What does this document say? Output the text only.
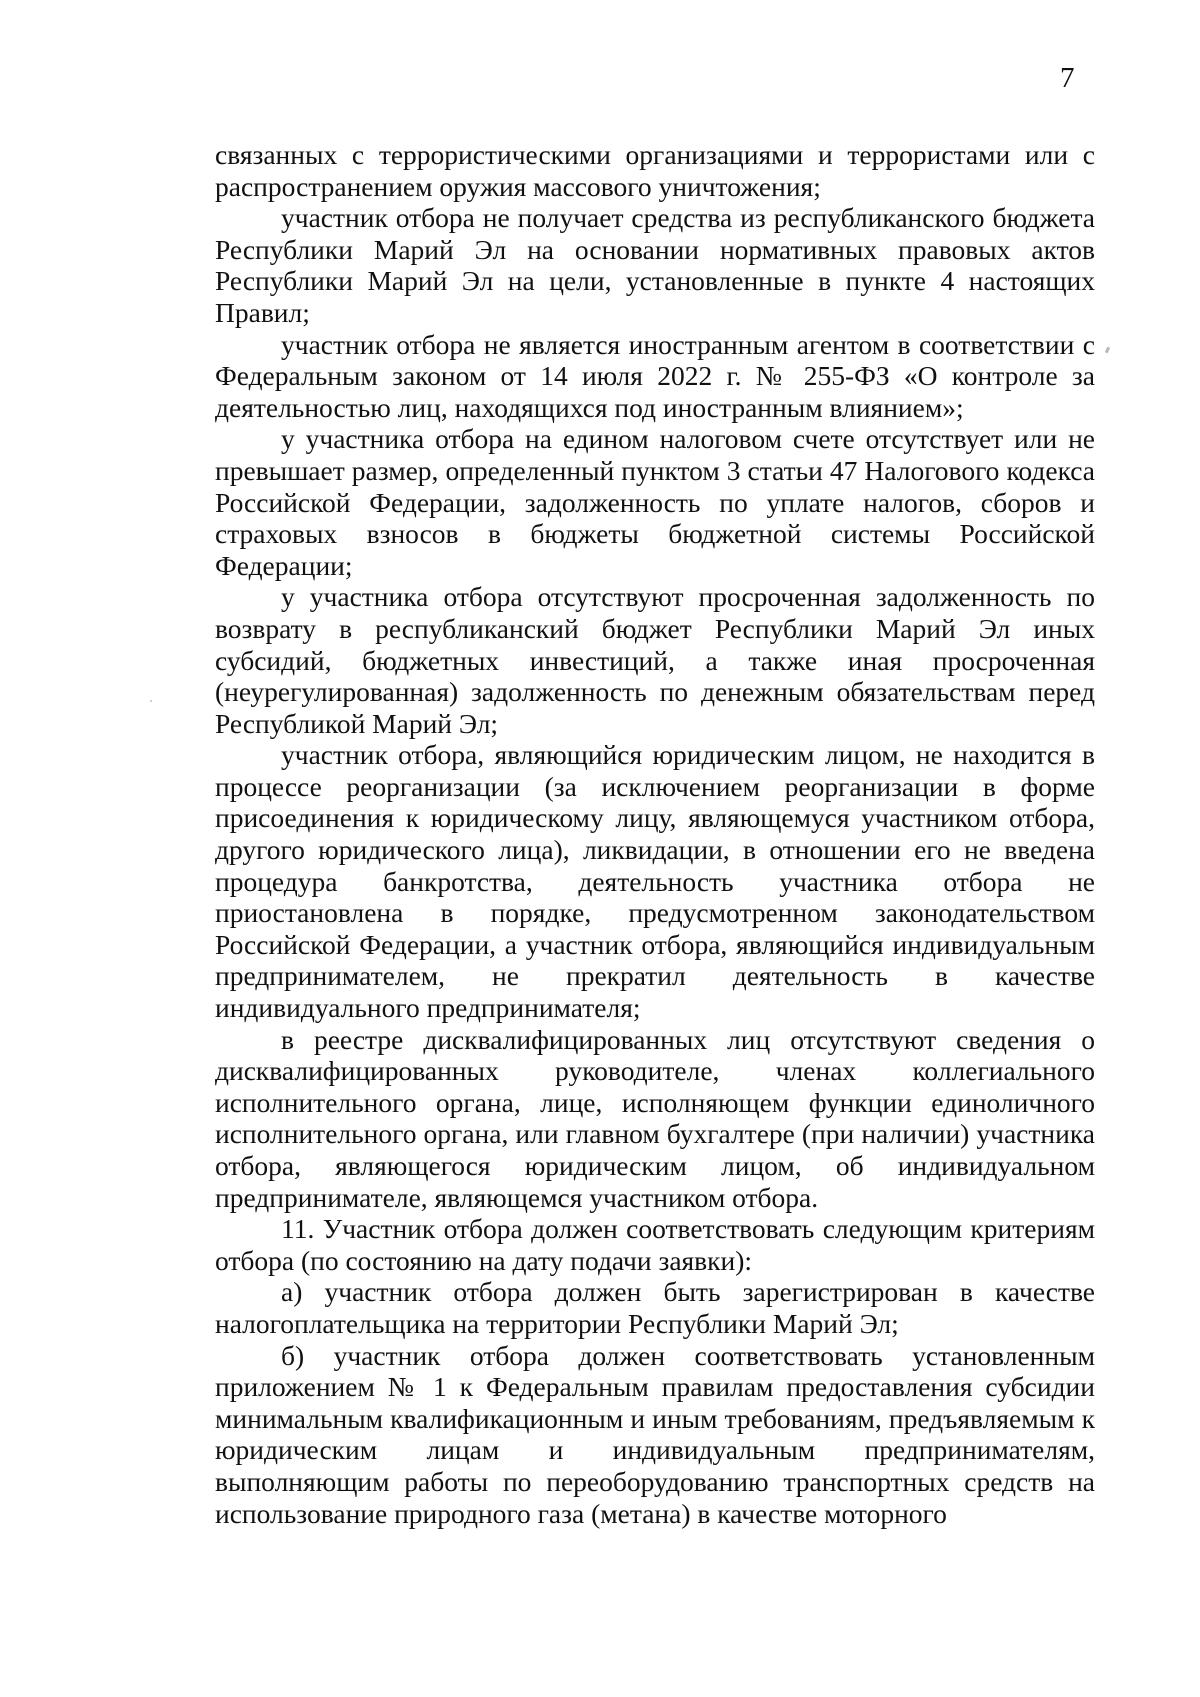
7

связанных с террористическими организациями и террористами или с распространением оружия массового уничтожения;

участник отбора не получает средства из республиканского бюджета Республики Марий Эл на основании нормативных правовых актов Республики Марий Эл на цели, установленные в пункте 4 настоящих Правил;

участник отбора не является иностранным агентом в соответствии с Федеральным законом от 14 июля 2022 г. № 255-ФЗ «О контроле за деятельностью лиц, находящихся под иностранным влиянием»;

у участника отбора на едином налоговом счете отсутствует или не превышает размер, определенный пунктом 3 статьи 47 Налогового кодекса Российской Федерации, задолженность по уплате налогов, сборов и страховых взносов в бюджеты бюджетной системы Российской Федерации;

у участника отбора отсутствуют просроченная задолженность по возврату в республиканский бюджет Республики Марий Эл иных субсидий, бюджетных инвестиций, а также иная просроченная (неурегулированная) задолженность по денежным обязательствам перед Республикой Марий Эл;

участник отбора, являющийся юридическим лицом, не находится в процессе реорганизации (за исключением реорганизации в форме присоединения к юридическому лицу, являющемуся участником отбора, другого юридического лица), ликвидации, в отношении его не введена процедура банкротства, деятельность участника отбора не приостановлена в порядке, предусмотренном законодательством Российской Федерации, а участник отбора, являющийся индивидуальным предпринимателем, не прекратил деятельность в качестве индивидуального предпринимателя;

в реестре дисквалифицированных лиц отсутствуют сведения о дисквалифицированных руководителе, членах коллегиального исполнительного органа, лице, исполняющем функции единоличного исполнительного органа, или главном бухгалтере (при наличии) участника отбора, являющегося юридическим лицом, об индивидуальном предпринимателе, являющемся участником отбора.

11. Участник отбора должен соответствовать следующим критериям отбора (по состоянию на дату подачи заявки):

а) участник отбора должен быть зарегистрирован в качестве налогоплательщика на территории Республики Марий Эл;

б) участник отбора должен соответствовать установленным приложением № 1 к Федеральным правилам предоставления субсидии минимальным квалификационным и иным требованиям, предъявляемым к юридическим лицам и индивидуальным предпринимателям, выполняющим работы по переоборудованию транспортных средств на использование природного газа (метана) в качестве моторного
